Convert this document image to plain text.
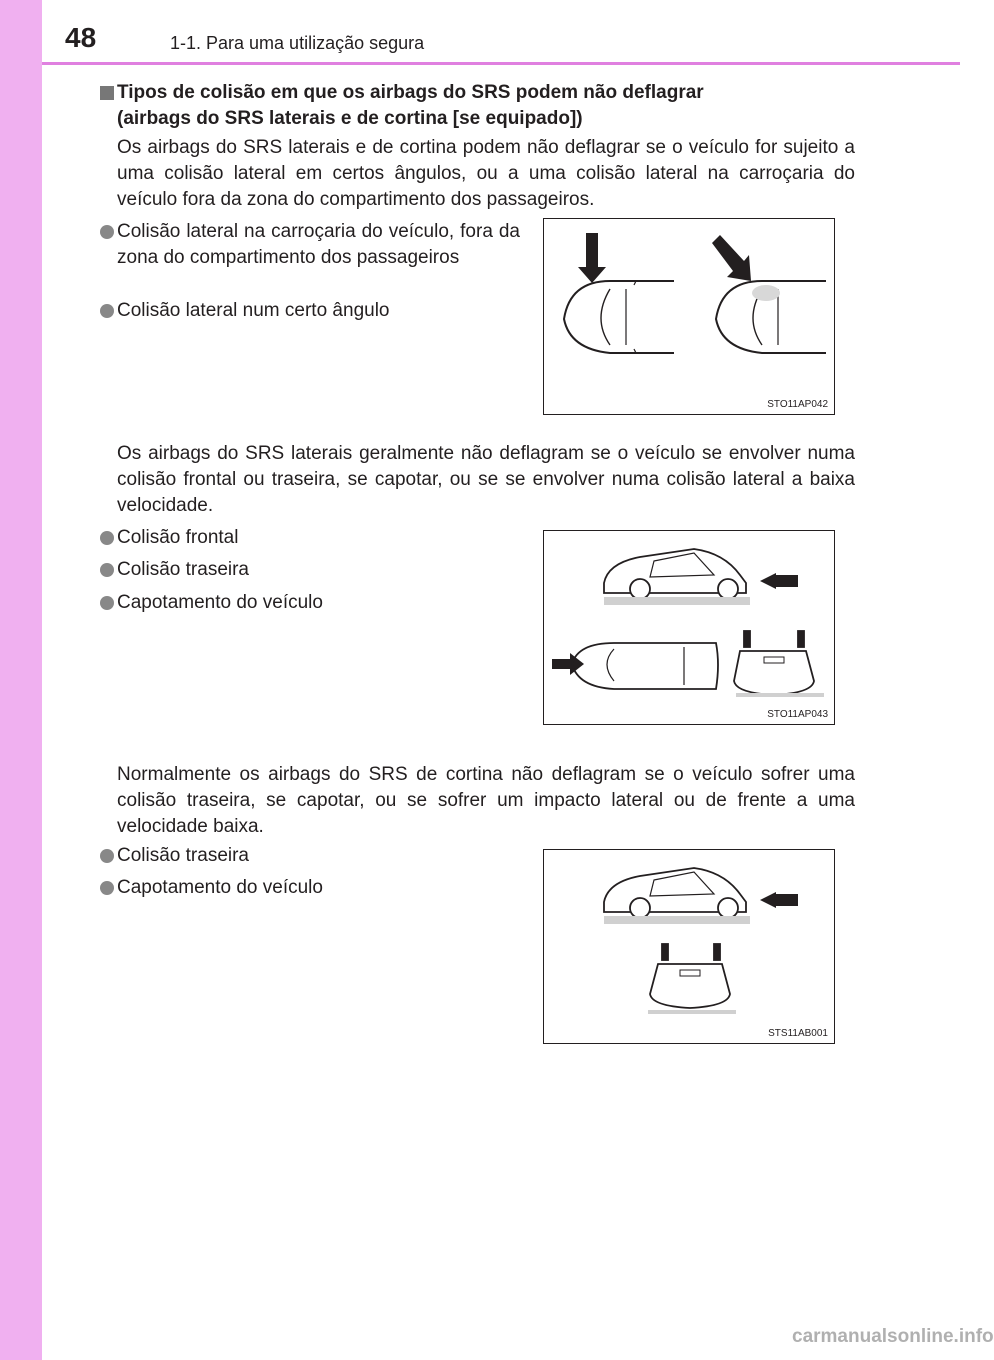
48	1-1. Para uma utilização segura
Tipos de colisão em que os airbags do SRS podem não deflagrar
(airbags do SRS laterais e de cortina [se equipado])
Os airbags do SRS laterais e de cortina podem não deflagrar se o veículo for sujeito a uma colisão lateral em certos ângulos, ou a uma colisão lateral na carroçaria do veículo fora da zona do compartimento dos passageiros.
Colisão lateral na carroçaria do veículo, fora da zona do compartimento dos passageiros
Colisão lateral num certo ângulo
STO11AP042
Os airbags do SRS laterais geralmente não deflagram se o veículo se envolver numa colisão frontal ou traseira, se capotar, ou se se envolver numa colisão lateral a baixa velocidade.
Colisão frontal
Colisão traseira
Capotamento do veículo
STO11AP043
Normalmente os airbags do SRS de cortina não deflagram se o veículo sofrer uma colisão traseira, se capotar, ou se sofrer um impacto lateral ou de frente a uma velocidade baixa.
Colisão traseira
Capotamento do veículo
STS11AB001
carmanualsonline.info
